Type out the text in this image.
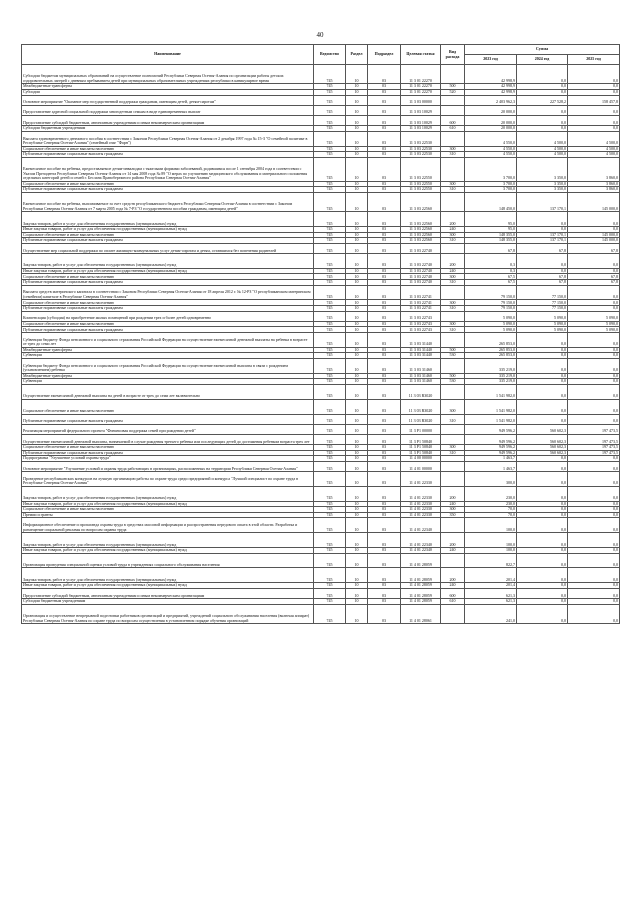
40
Наименование	Ведомство	Раздел	Подраздел	Целевая статья	Вид расхода	Сумма		
						2023 год	2024 год	2025 год
Субсидии бюджетам муниципальных образований на осуществление полномочий Республики Северная Осетия-Алания по организации работы детских оздоровительных лагерей с дневным пребыванием детей при муниципальных образовательных учреждениях республики в каникулярное время	745	10	03	11 3 01 22270		42 998,9	0,0	0,0
Межбюджетные трансферты	745	10	03	11 3 01 22270	500	42 998,9	0,0	0,0
Субсидии	745	10	03	11 3 01 22270	520	42 998,9	0,0	0,0
Основное мероприятие "Оказание мер государственной поддержки гражданам, имеющим детей, детям-сиротам"	745	10	03	11 3 03 00000		2 403 962,3	227 528,2	158 457,8
Предоставление адресной социальной поддержки многодетным семьям в виде единовременных выплат	745	10	03	11 3 03 10029		20 000,0	0,0	0,0
Предоставление субсидий бюджетным, автономным учреждениям и иным некоммерческим организациям	745	10	03	11 3 03 10029	600	20 000,0	0,0	0,0
Субсидии бюджетным учреждениям	745	10	03	11 3 03 10029	610	20 000,0	0,0	0,0
Выплата единовременного денежного пособия в соответствии с Законом Республики Северная Осетия-Алания от 2 декабря 1997 года № 15-З "О семейной политике в Республике Северная Осетия-Алания" (семейный очаг "Фарн")	745	10	03	11 3 03 22530		4 550,0	4 500,0	4 500,0
Социальное обеспечение и иные выплаты населению	745	10	03	11 3 03 22530	300	4 550,0	4 500,0	4 500,0
Публичные нормативные социальные выплаты гражданам	745	10	03	11 3 03 22530	310	4 550,0	4 500,0	4 500,0
Ежемесячное пособие на ребенка, предоставляемое детям-инвалидам с тяжелыми формами заболеваний, родившимся после 1 сентября 2004 года в соответствии с Указом Президента Республики Северная Осетия-Алания от 14 мая 2008 года № 89 "О мерах по улучшению медицинского обслуживания и материального положения отдельных категорий детей и семей г. Беслана Правобережного района Республики Северная Осетия-Алания"	745	10	03	11 3 03 22550		3 700,0	3 350,0	3 860,0
Социальное обеспечение и иные выплаты населению	745	10	03	11 3 03 22550	300	3 700,0	3 350,0	3 860,0
Публичные нормативные социальные выплаты гражданам	745	10	03	11 3 03 22550	310	3 700,0	3 350,0	3 860,0
Ежемесячное пособие на ребенка, выплачиваемое за счет средств республиканского бюджета Республики Северная Осетия-Алания в соответствии с Законом Республики Северная Осетия-Алания от 7 марта 2005 года № 7-РЗ "О государственном пособии гражданам, имеющим детей"	745	10	03	11 3 03 22560		148 450,0	137 170,1	145 000,0
Закупка товаров, работ и услуг для обеспечения государственных (муниципальных) нужд	745	10	03	11 3 03 22560	200	95,0	0,0	0,0
Иные закупки товаров, работ и услуг для обеспечения государственных (муниципальных) нужд	745	10	03	11 3 03 22560	240	95,0	0,0	0,0
Социальное обеспечение и иные выплаты населению	745	10	03	11 3 03 22560	300	148 355,0	137 170,1	145 000,0
Публичные нормативные социальные выплаты гражданам	745	10	03	11 3 03 22560	310	148 355,0	137 170,1	145 000,0
Осуществление мер социальной поддержки по оплате жилищно-коммунальных услуг детям-сиротам и детям, оставшимся без попечения родителей	745	10	03	11 3 03 22740		67,8	67,8	67,8
Закупка товаров, работ и услуг для обеспечения государственных (муниципальных) нужд	745	10	03	11 3 03 22740	200	0,3	0,0	0,0
Иные закупки товаров, работ и услуг для обеспечения государственных (муниципальных) нужд	745	10	03	11 3 03 22740	240	0,3	0,0	0,0
Социальное обеспечение и иные выплаты населению	745	10	03	11 3 03 22740	300	67,5	67,8	67,8
Публичные нормативные социальные выплаты гражданам	745	10	03	11 3 03 22740	310	67,5	67,8	67,8
Выплата средств материнского капитала в соответствии с Законом Республики Северная Осетия-Алания от 18 апреля 2012 г. № 12-РЗ "О республиканском материнском (семейном) капитале в Республике Северная Осетия-Алания"	745	10	03	11 3 03 22741		79 150,0	77 150,0	0,0
Социальное обеспечение и иные выплаты населению	745	10	03	11 3 03 22741	300	79 150,0	77 150,0	0,0
Публичные нормативные социальные выплаты гражданам	745	10	03	11 3 03 22741	310	79 150,0	77 150,0	0,0
Компенсация (субсидия) на приобретение жилых помещений при рождении трех и более детей одновременно	745	10	03	11 3 03 22743		5 090,0	5 090,0	5 090,0
Социальное обеспечение и иные выплаты населению	745	10	03	11 3 03 22743	300	5 090,0	5 090,0	5 090,0
Публичные нормативные социальные выплаты гражданам	745	10	03	11 3 03 22743	310	5 090,0	5 090,0	5 090,0
Субвенции бюджету Фонда пенсионного и социального страхования Российской Федерации на осуществление ежемесячной денежной выплаты на ребенка в возрасте от трех до семи лет	745	10	03	11 3 03 31440		265 853,0	0,0	0,0
Межбюджетные трансферты	745	10	03	11 3 03 31440	500	265 853,0	0,0	0,0
Субвенции	745	10	03	11 3 03 31440	530	265 853,0	0,0	0,0
Субвенции бюджету Фонда пенсионного и социального страхования Российской Федерации на осуществление ежемесячной выплаты в связи с рождением (усыновлением) ребенка	745	10	03	11 3 03 31460		335 219,0	0,0	0,0
Межбюджетные трансферты	745	10	03	11 3 03 31460	500	335 219,0	0,0	0,0
Субвенции	745	10	03	11 3 03 31460	530	335 219,0	0,0	0,0
Осуществление ежемесячной денежной выплаты на детей в возрасте от трех до семи лет включительно	745	10	03	11 3 03 R3020		1 541 982,0	0,0	0,0
Социальное обеспечение и иные выплаты населению	745	10	03	11 3 03 R3020	300	1 541 982,0	0,0	0,0
Публичные нормативные социальные выплаты гражданам	745	10	03	11 3 03 R3020	310	1 541 982,0	0,0	0,0
Реализация мероприятий федерального проекта "Финансовая поддержка семей при рождении детей"	745	10	03	11 3 P1 00000		949 596,2	560 602,3	197 473,5
Осуществление ежемесячной денежной выплаты, назначаемой в случае рождения третьего ребенка или последующих детей до достижения ребенком возраста трех лет	745	10	03	11 3 P1 50840		949 596,2	560 602,3	197 473,5
Социальное обеспечение и иные выплаты населению	745	10	03	11 3 P1 50840	300	949 596,2	560 602,3	197 473,5
Публичные нормативные социальные выплаты гражданам	745	10	03	11 3 P1 50840	310	949 596,2	560 602,3	197 473,5
Подпрограмма "Улучшение условий охраны труда"	745	10	03	11 4 00 00000		1 463,7	0,0	0,0
Основное мероприятие "Улучшение условий и охраны труда работающих в организациях, расположенных на территории Республики Северная Осетия-Алания"	745	10	03	11 4 01 00000		1 463,7	0,0	0,0
Проведение республиканских конкурсов на лучшую организацию работы по охране труда среди предприятий и конкурса "Лучший специалист по охране труда в Республике Северная Осетия-Алания"	745	10	03	11 4 01 22330		300,0	0,0	0,0
Закупка товаров, работ и услуг для обеспечения государственных (муниципальных) нужд	745	10	03	11 4 01 22330	200	230,0	0,0	0,0
Иные закупки товаров, работ и услуг для обеспечения государственных (муниципальных) нужд	745	10	03	11 4 01 22330	240	230,0	0,0	0,0
Социальное обеспечение и иные выплаты населению	745	10	03	11 4 01 22330	300	70,0	0,0	0,0
Премии и гранты	745	10	03	11 4 01 22330	350	70,0	0,0	0,0
Информационное обеспечение и пропаганда охраны труда в средствах массовой информации и распространения передового опыта в этой области. Разработка и размещение социальной рекламы по вопросам охраны труда	745	10	03	11 4 01 22340		100,0	0,0	0,0
Закупка товаров, работ и услуг для обеспечения государственных (муниципальных) нужд	745	10	03	11 4 01 22340	200	100,0	0,0	0,0
Иные закупки товаров, работ и услуг для обеспечения государственных (муниципальных) нужд	745	10	03	11 4 01 22340	240	100,0	0,0	0,0
Организация проведения специальной оценки условий труда в учреждениях социального обслуживания населения	745	10	03	11 4 01 28059		822,7	0,0	0,0
Закупка товаров, работ и услуг для обеспечения государственных (муниципальных) нужд	745	10	03	11 4 01 28059	200	201,4	0,0	0,0
Иные закупки товаров, работ и услуг для обеспечения государственных (муниципальных) нужд	745	10	03	11 4 01 28059	240	201,4	0,0	0,0
Предоставление субсидий бюджетным, автономным учреждениям и иным некоммерческим организациям	745	10	03	11 4 01 28059	600	621,3	0,0	0,0
Субсидии бюджетным учреждениям	745	10	03	11 4 01 28059	610	621,3	0,0	0,0
Организация и осуществление непрерывной подготовки работников организаций и предприятий, учреждений социального обслуживания населения (включая аппарат) Республики Северная Осетия-Алания по охране труда по вопросам осуществления в установленном порядке обучения организаций	745	10	03	11 4 01 28061		241,0	0,0	0,0
